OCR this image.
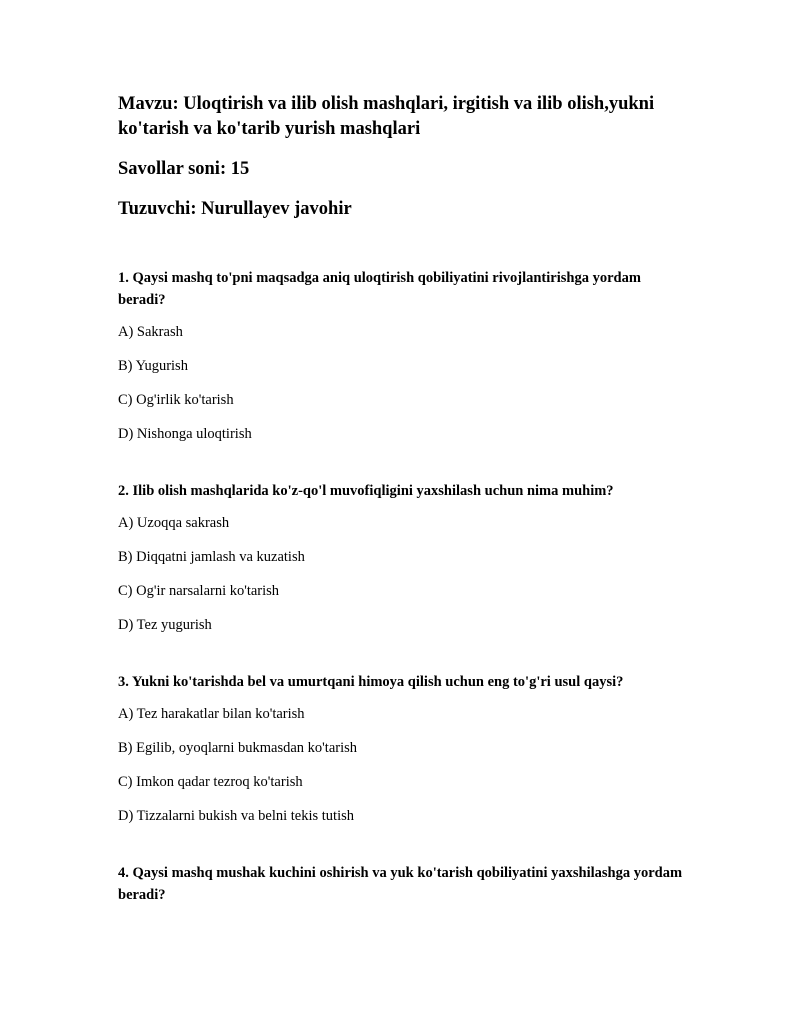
Mavzu: Uloqtirish va ilib olish mashqlari, irgitish va ilib olish,yukni ko'tarish va ko'tarib yurish mashqlari

Savollar soni: 15

Tuzuvchi: Nurullayev javohir

1. Qaysi mashq to'pni maqsadga aniq uloqtirish qobiliyatini rivojlantirishga yordam beradi?

A) Sakrash

B) Yugurish

C) Og'irlik ko'tarish

D) Nishonga uloqtirish

2. Ilib olish mashqlarida ko'z-qo'l muvofiqligini yaxshilash uchun nima muhim?

A) Uzoqqa sakrash

B) Diqqatni jamlash va kuzatish

C) Og'ir narsalarni ko'tarish

D) Tez yugurish

3. Yukni ko'tarishda bel va umurtqani himoya qilish uchun eng to'g'ri usul qaysi?

A) Tez harakatlar bilan ko'tarish

B) Egilib, oyoqlarni bukmasdan ko'tarish

C) Imkon qadar tezroq ko'tarish

D) Tizzalarni bukish va belni tekis tutish

4. Qaysi mashq mushak kuchini oshirish va yuk ko'tarish qobiliyatini yaxshilashga yordam beradi?
